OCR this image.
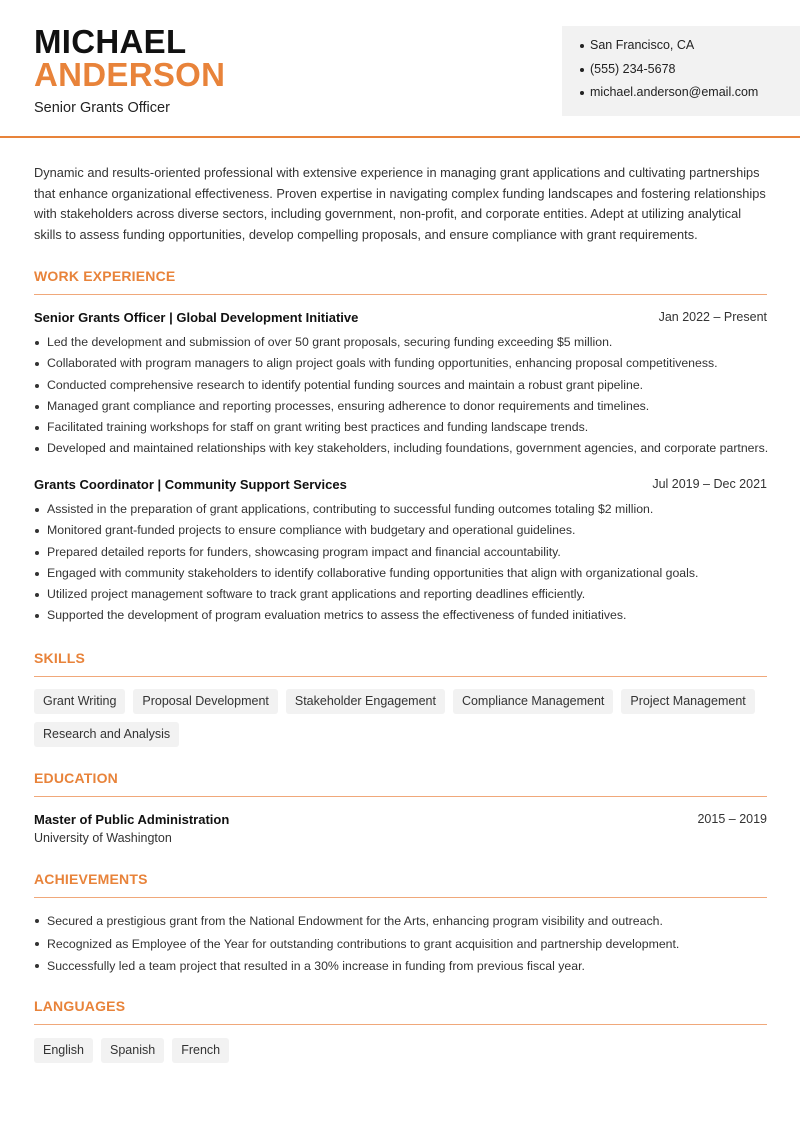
MICHAEL
ANDERSON
Senior Grants Officer
San Francisco, CA
(555) 234-5678
michael.anderson@email.com

Dynamic and results-oriented professional with extensive experience in managing grant applications and cultivating partnerships that enhance organizational effectiveness. Proven expertise in navigating complex funding landscapes and fostering relationships with stakeholders across diverse sectors, including government, non-profit, and corporate entities. Adept at utilizing analytical skills to assess funding opportunities, develop compelling proposals, and ensure compliance with grant requirements.

WORK EXPERIENCE
Senior Grants Officer | Global Development Initiative	Jan 2022 – Present
Led the development and submission of over 50 grant proposals, securing funding exceeding $5 million.
Collaborated with program managers to align project goals with funding opportunities, enhancing proposal competitiveness.
Conducted comprehensive research to identify potential funding sources and maintain a robust grant pipeline.
Managed grant compliance and reporting processes, ensuring adherence to donor requirements and timelines.
Facilitated training workshops for staff on grant writing best practices and funding landscape trends.
Developed and maintained relationships with key stakeholders, including foundations, government agencies, and corporate partners.
Grants Coordinator | Community Support Services	Jul 2019 – Dec 2021
Assisted in the preparation of grant applications, contributing to successful funding outcomes totaling $2 million.
Monitored grant-funded projects to ensure compliance with budgetary and operational guidelines.
Prepared detailed reports for funders, showcasing program impact and financial accountability.
Engaged with community stakeholders to identify collaborative funding opportunities that align with organizational goals.
Utilized project management software to track grant applications and reporting deadlines efficiently.
Supported the development of program evaluation metrics to assess the effectiveness of funded initiatives.
SKILLS
Grant Writing	Proposal Development	Stakeholder Engagement	Compliance Management	Project Management
Research and Analysis
EDUCATION
Master of Public Administration	2015 – 2019
University of Washington
ACHIEVEMENTS
Secured a prestigious grant from the National Endowment for the Arts, enhancing program visibility and outreach.
Recognized as Employee of the Year for outstanding contributions to grant acquisition and partnership development.
Successfully led a team project that resulted in a 30% increase in funding from previous fiscal year.
LANGUAGES
English	Spanish	French
